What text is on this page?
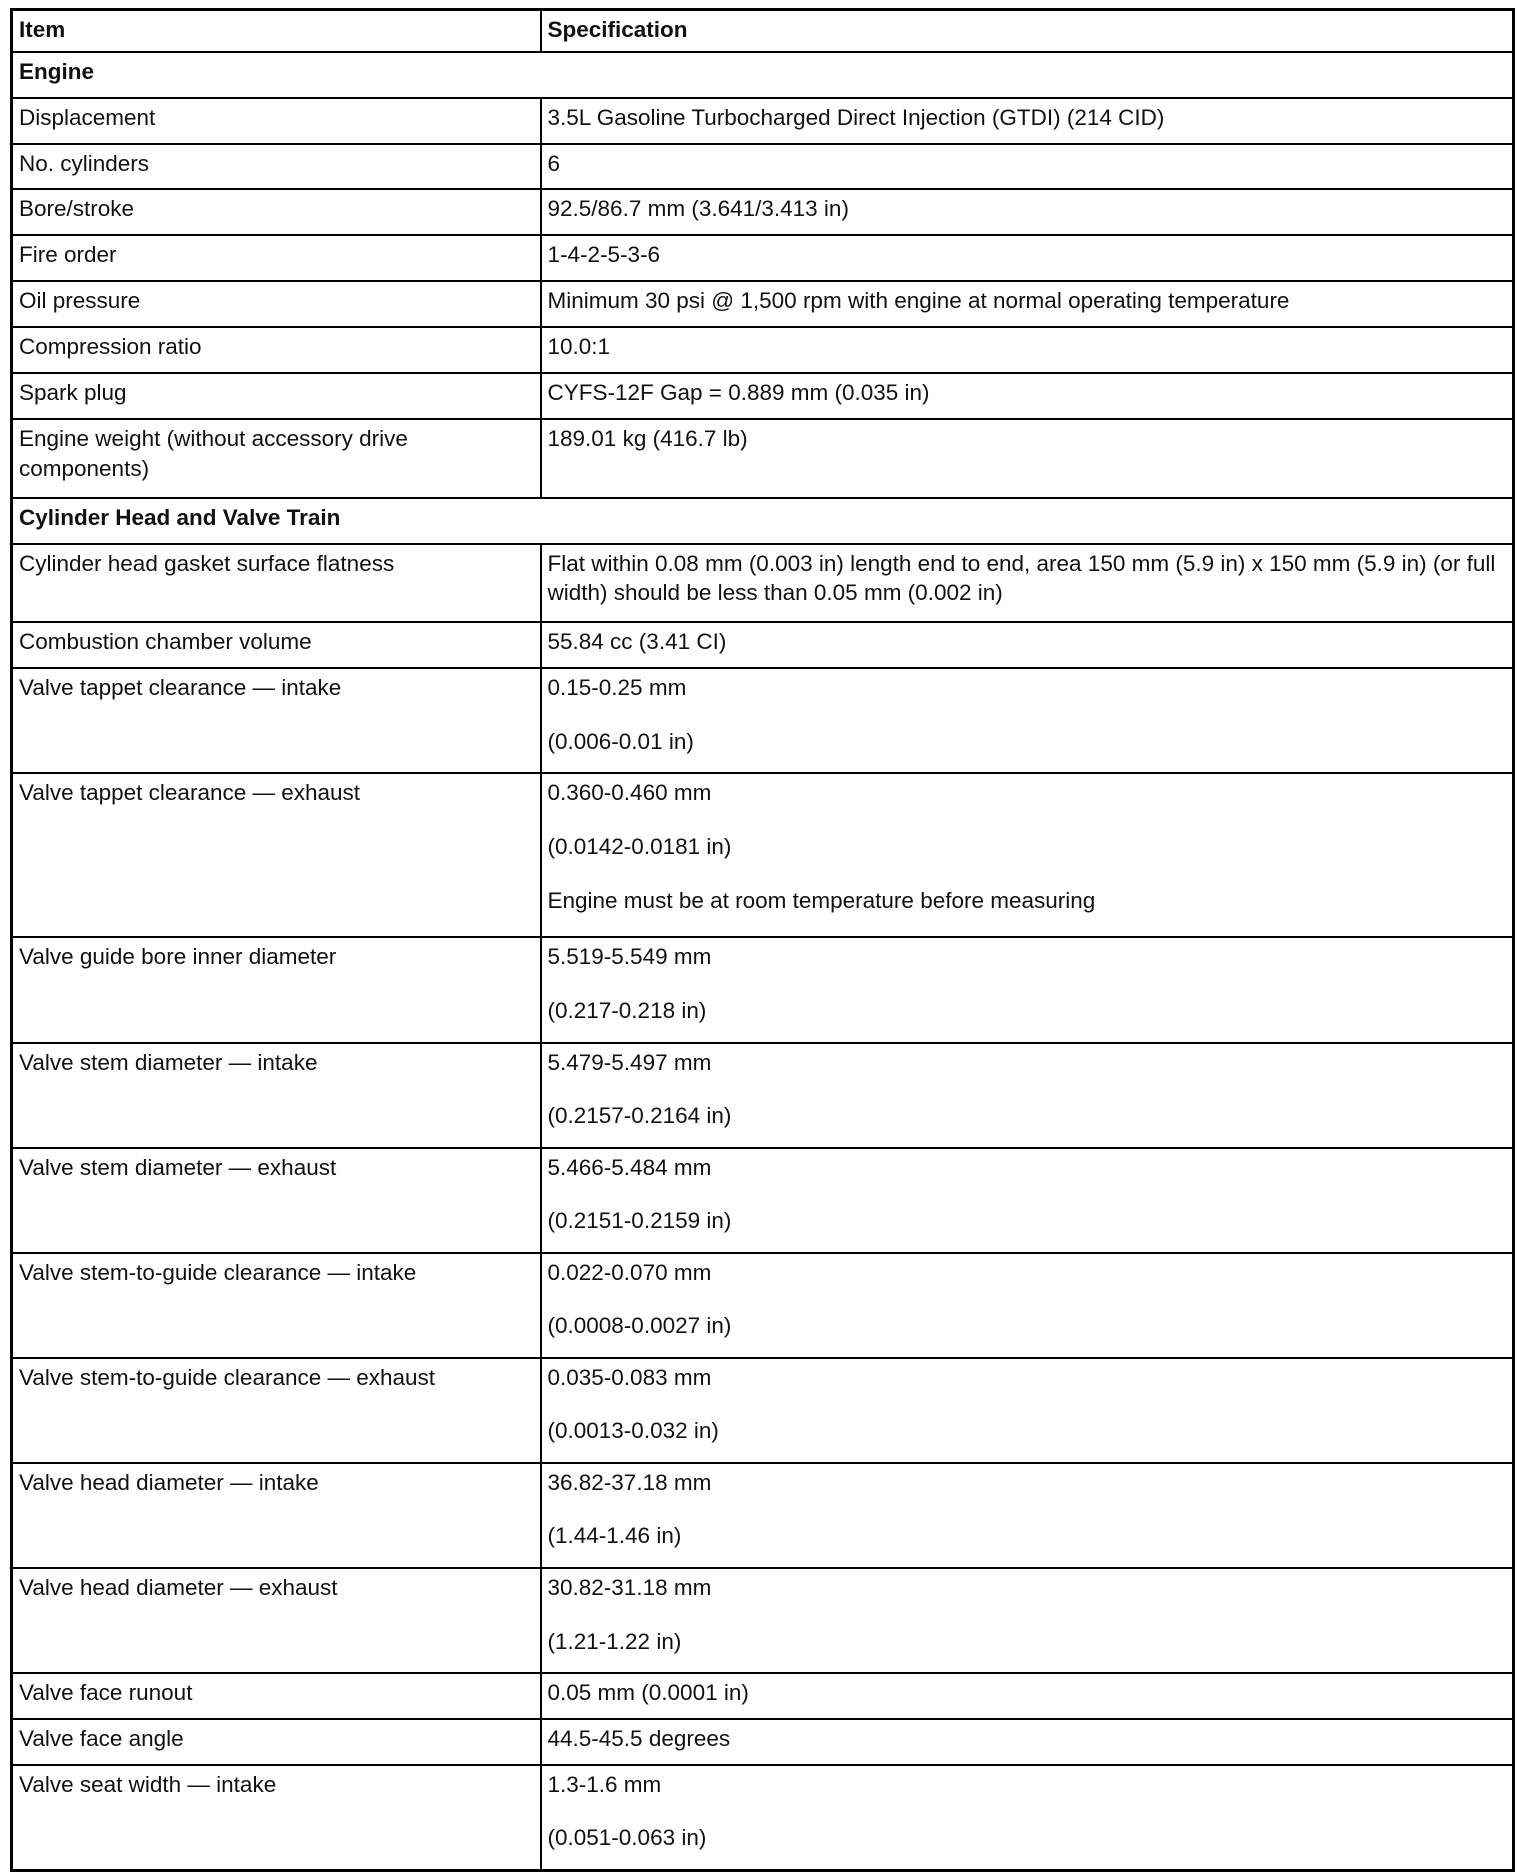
Item	Specification
Engine	
Displacement	3.5L Gasoline Turbocharged Direct Injection (GTDI) (214 CID)

No. cylinders	6

Bore/stroke	92.5/86.7 mm (3.641/3.413 in)

Fire order	1-4-2-5-3-6

Oil pressure	Minimum 30 psi @ 1,500 rpm with engine at normal operating temperature

Compression ratio	10.0:1

Spark plug	CYFS-12F Gap = 0.889 mm (0.035 in)

Engine weight (without accessory drive components)	189.01 kg (416.7 lb)

Cylinder Head and Valve Train	
Cylinder head gasket surface flatness	Flat within 0.08 mm (0.003 in) length end to end, area 150 mm (5.9 in) x 150 mm (5.9 in) (or full width) should be less than 0.05 mm (0.002 in)

Combustion chamber volume	55.84 cc (3.41 CI)

Valve tappet clearance — intake	0.15-0.25 mm
(0.006-0.01 in)

Valve tappet clearance — exhaust	0.360-0.460 mm
(0.0142-0.0181 in)
Engine must be at room temperature before measuring

Valve guide bore inner diameter	5.519-5.549 mm
(0.217-0.218 in)

Valve stem diameter — intake	5.479-5.497 mm
(0.2157-0.2164 in)

Valve stem diameter — exhaust	5.466-5.484 mm
(0.2151-0.2159 in)

Valve stem-to-guide clearance — intake	0.022-0.070 mm
(0.0008-0.0027 in)

Valve stem-to-guide clearance — exhaust	0.035-0.083 mm
(0.0013-0.032 in)

Valve head diameter — intake	36.82-37.18 mm
(1.44-1.46 in)

Valve head diameter — exhaust	30.82-31.18 mm
(1.21-1.22 in)

Valve face runout	0.05 mm (0.0001 in)

Valve face angle	44.5-45.5 degrees

Valve seat width — intake	1.3-1.6 mm
(0.051-0.063 in)
